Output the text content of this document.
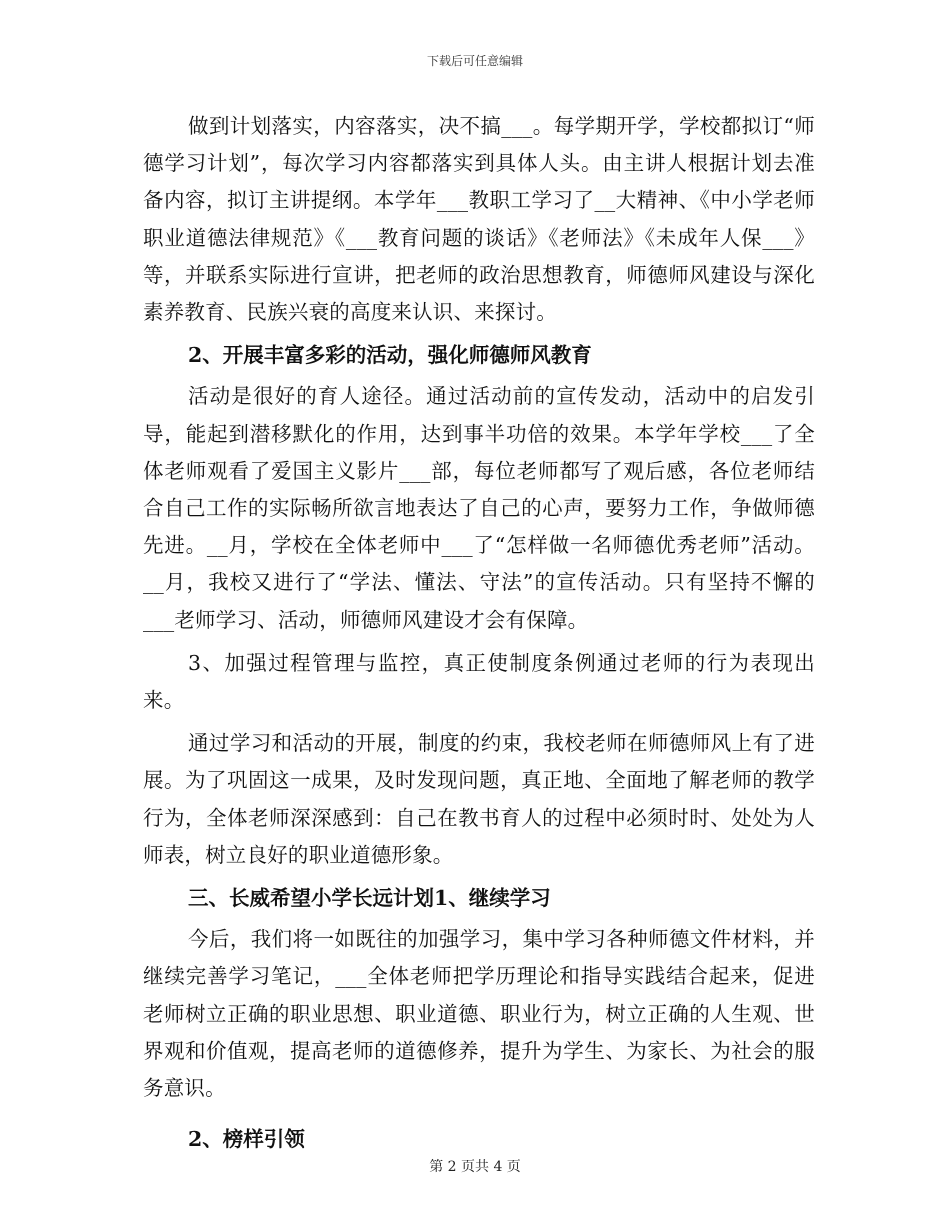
下载后可任意编辑

做到计划落实，内容落实，决不搞___。每学期开学，学校都拟订“师德学习计划”，每次学习内容都落实到具体人头。由主讲人根据计划去准备内容，拟订主讲提纲。本学年___教职工学习了__大精神、《中小学老师职业道德法律规范》《___教育问题的谈话》《老师法》《未成年人保___》等，并联系实际进行宣讲，把老师的政治思想教育，师德师风建设与深化素养教育、民族兴衰的高度来认识、来探讨。

2、开展丰富多彩的活动，强化师德师风教育

活动是很好的育人途径。通过活动前的宣传发动，活动中的启发引导，能起到潜移默化的作用，达到事半功倍的效果。本学年学校___了全体老师观看了爱国主义影片___部，每位老师都写了观后感，各位老师结合自己工作的实际畅所欲言地表达了自己的心声，要努力工作，争做师德先进。__月，学校在全体老师中___了“怎样做一名师德优秀老师”活动。__月，我校又进行了“学法、懂法、守法”的宣传活动。只有坚持不懈的___老师学习、活动，师德师风建设才会有保障。

3、加强过程管理与监控，真正使制度条例通过老师的行为表现出来。

通过学习和活动的开展，制度的约束，我校老师在师德师风上有了进展。为了巩固这一成果，及时发现问题，真正地、全面地了解老师的教学行为，全体老师深深感到：自己在教书育人的过程中必须时时、处处为人师表，树立良好的职业道德形象。

三、长威希望小学长远计划1、继续学习

今后，我们将一如既往的加强学习，集中学习各种师德文件材料，并继续完善学习笔记，___全体老师把学历理论和指导实践结合起来，促进老师树立正确的职业思想、职业道德、职业行为，树立正确的人生观、世界观和价值观，提高老师的道德修养，提升为学生、为家长、为社会的服务意识。

2、榜样引领

第 2 页共 4 页
